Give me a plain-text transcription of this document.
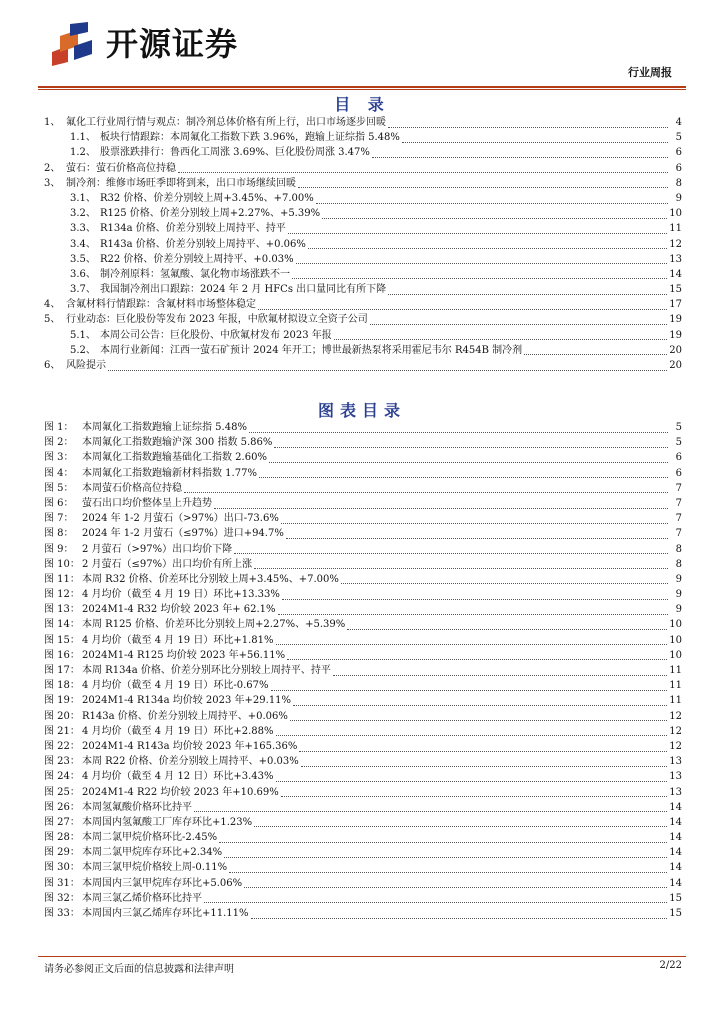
开源证券
行业周报
目 录
1、 氟化工行业周行情与观点：制冷剂总体价格有所上行，出口市场逐步回暖	4
1.1、 板块行情跟踪：本周氟化工指数下跌 3.96%，跑输上证综指 5.48%	5
1.2、 股票涨跌排行：鲁西化工周涨 3.69%、巨化股份周涨 3.47%	6
2、 萤石：萤石价格高位持稳	6
3、 制冷剂：维修市场旺季即将到来，出口市场继续回暖	8
3.1、 R32 价格、价差分别较上周+3.45%、+7.00%	9
3.2、 R125 价格、价差分别较上周+2.27%、+5.39%	10
3.3、 R134a 价格、价差分别较上周持平、持平	11
3.4、 R143a 价格、价差分别较上周持平、+0.06%	12
3.5、 R22 价格、价差分别较上周持平、+0.03%	13
3.6、 制冷剂原料：氢氟酸、氯化物市场涨跌不一	14
3.7、 我国制冷剂出口跟踪：2024 年 2 月 HFCs 出口量同比有所下降	15
4、 含氟材料行情跟踪：含氟材料市场整体稳定	17
5、 行业动态：巨化股份等发布 2023 年报，中欣氟材拟设立全资子公司	19
5.1、 本周公司公告：巨化股份、中欣氟材发布 2023 年报	19
5.2、 本周行业新闻：江西一萤石矿预计 2024 年开工；博世最新热泵将采用霍尼韦尔 R454B 制冷剂	20
6、 风险提示	20
图表目录
图 1： 本周氟化工指数跑输上证综指 5.48%	5
图 2： 本周氟化工指数跑输沪深 300 指数 5.86%	5
图 3： 本周氟化工指数跑输基础化工指数 2.60%	6
图 4： 本周氟化工指数跑输新材料指数 1.77%	6
图 5： 本周萤石价格高位持稳	7
图 6： 萤石出口均价整体呈上升趋势	7
图 7： 2024 年 1-2 月萤石（>97%）出口-73.6%	7
图 8： 2024 年 1-2 月萤石（≤97%）进口+94.7%	7
图 9： 2 月萤石（>97%）出口均价下降	8
图 10： 2 月萤石（≤97%）出口均价有所上涨	8
图 11： 本周 R32 价格、价差环比分别较上周+3.45%、+7.00%	9
图 12： 4 月均价（截至 4 月 19 日）环比+13.33%	9
图 13： 2024M1-4 R32 均价较 2023 年+ 62.1%	9
图 14： 本周 R125 价格、价差环比分别较上周+2.27%、+5.39%	10
图 15： 4 月均价（截至 4 月 19 日）环比+1.81%	10
图 16： 2024M1-4 R125 均价较 2023 年+56.11%	10
图 17： 本周 R134a 价格、价差分别环比分别较上周持平、持平	11
图 18： 4 月均价（截至 4 月 19 日）环比-0.67%	11
图 19： 2024M1-4 R134a 均价较 2023 年+29.11%	11
图 20： R143a 价格、价差分别较上周持平、+0.06%	12
图 21： 4 月均价（截至 4 月 19 日）环比+2.88%	12
图 22： 2024M1-4 R143a 均价较 2023 年+165.36%	12
图 23： 本周 R22 价格、价差分别较上周持平、+0.03%	13
图 24： 4 月均价（截至 4 月 12 日）环比+3.43%	13
图 25： 2024M1-4 R22 均价较 2023 年+10.69%	13
图 26： 本周氢氟酸价格环比持平	14
图 27： 本周国内氢氟酸工厂库存环比+1.23%	14
图 28： 本周二氯甲烷价格环比-2.45%	14
图 29： 本周二氯甲烷库存环比+2.34%	14
图 30： 本周三氯甲烷价格较上周-0.11%	14
图 31： 本周国内三氯甲烷库存环比+5.06%	14
图 32： 本周三氯乙烯价格环比持平	15
图 33： 本周国内三氯乙烯库存环比+11.11%	15
请务必参阅正文后面的信息披露和法律声明	2/22
